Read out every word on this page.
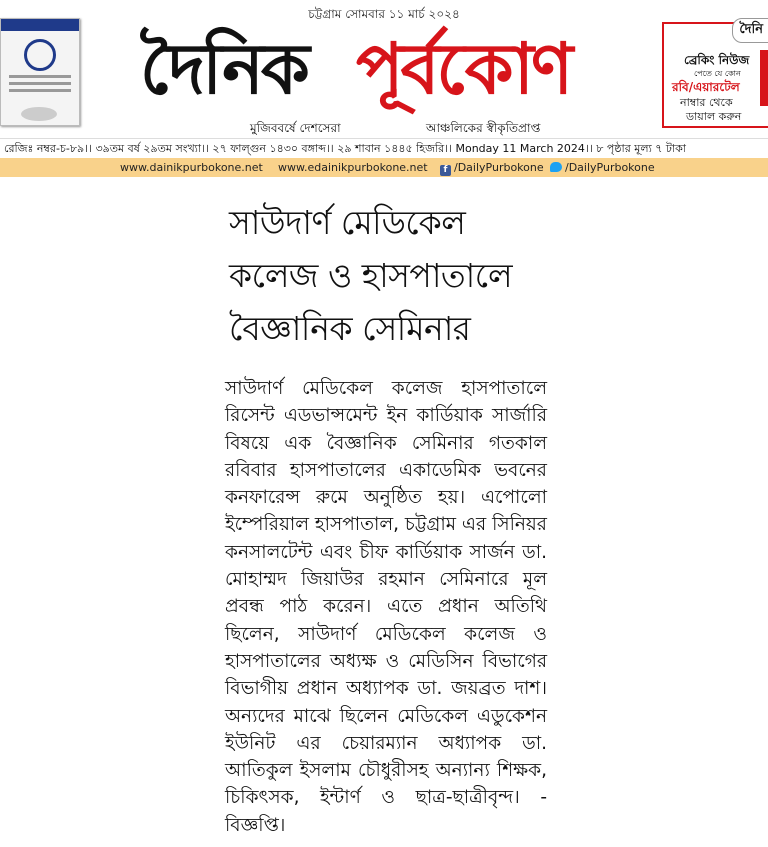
চট্টগ্রাম সোমবার ১১ মার্চ ২০২৪
দৈনিক পূর্বকোণ
মুজিববর্ষে দেশসেরা	আঞ্চলিকের স্বীকৃতিপ্রাপ্ত
দৈনি
ব্রেকিং নিউজ
পেতে যে কোন
রবি/এয়ারটেল
নাম্বার থেকে
ডায়াল করুন
রেজিঃ নম্বর-চ-৮৯।। ৩৯তম বর্ষ ২৯তম সংখ্যা।। ২৭ ফাল্গুন ১৪৩০ বঙ্গাব্দ।। ২৯ শাবান ১৪৪৫ হিজরি।। Monday 11 March 2024।। ৮ পৃষ্ঠার মূল্য ৭ টাকা
www.dainikpurbokone.net www.edainikpurbokone.net	f /DailyPurbokone	/DailyPurbokone
সাউদার্ণ মেডিকেল
কলেজ ও হাসপাতালে
বৈজ্ঞানিক সেমিনার
সাউদার্ণ মেডিকেল কলেজ হাসপাতালে রিসেন্ট এডভান্সমেন্ট ইন কার্ডিয়াক সার্জারি বিষয়ে এক বৈজ্ঞানিক সেমিনার গতকাল রবিবার হাসপাতালের একাডেমিক ভবনের কনফারেন্স রুমে অনুষ্ঠিত হয়। এপোলো ইম্পেরিয়াল হাসপাতাল, চট্টগ্রাম এর সিনিয়র কনসালটেন্ট এবং চীফ কার্ডিয়াক সার্জন ডা. মোহাম্মদ জিয়াউর রহমান সেমিনারে মূল প্রবন্ধ পাঠ করেন। এতে প্রধান অতিথি ছিলেন, সাউদার্ণ মেডিকেল কলেজ ও হাসপাতালের অধ্যক্ষ ও মেডিসিন বিভাগের বিভাগীয় প্রধান অধ্যাপক ডা. জয়ব্রত দাশ।অন্যদের মাঝে ছিলেন মেডিকেল এডুকেশন ইউনিট এর চেয়ারম্যান অধ্যাপক ডা. আতিকুল ইসলাম চৌধুরীসহ অন্যান্য শিক্ষক, চিকিৎসক, ইন্টার্ণ ও ছাত্র-ছাত্রীবৃন্দ। - বিজ্ঞপ্তি।
